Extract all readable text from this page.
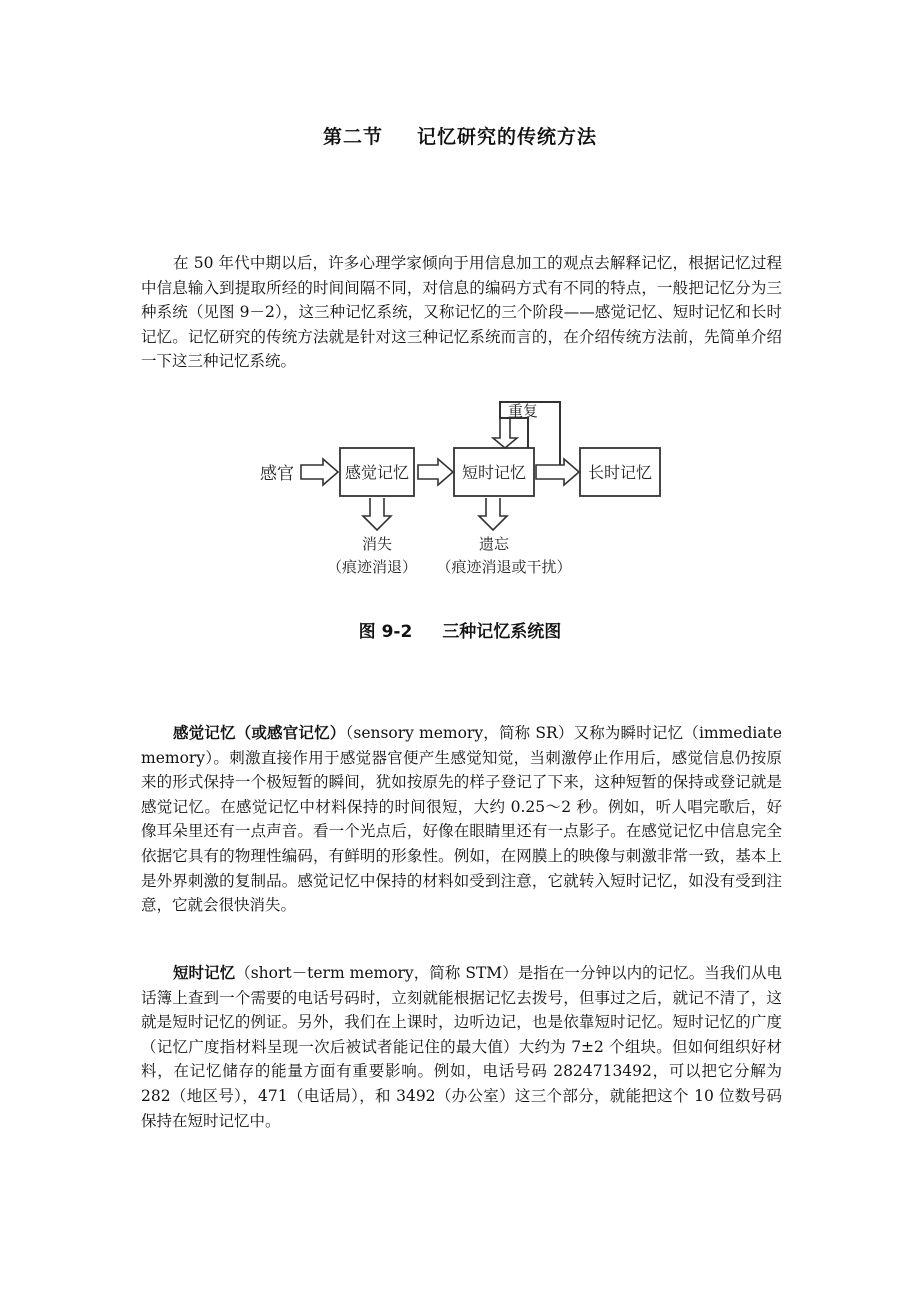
第二节 记忆研究的传统方法

在 50 年代中期以后，许多心理学家倾向于用信息加工的观点去解释记忆，根据记忆过程中信息输入到提取所经的时间间隔不同，对信息的编码方式有不同的特点，一般把记忆分为三种系统（见图 9－2），这三种记忆系统，又称记忆的三个阶段——感觉记忆、短时记忆和长时记忆。记忆研究的传统方法就是针对这三种记忆系统而言的，在介绍传统方法前，先简单介绍一下这三种记忆系统。

感官	感觉记忆	短时记忆	长时记忆
重复
消失
（痕迹消退）
遗忘
（痕迹消退或干扰）
图 9-2 三种记忆系统图

感觉记忆（或感官记忆）（sensory memory，简称 SR）又称为瞬时记忆（immediate memory）。刺激直接作用于感觉器官便产生感觉知觉，当刺激停止作用后，感觉信息仍按原来的形式保持一个极短暂的瞬间，犹如按原先的样子登记了下来，这种短暂的保持或登记就是感觉记忆。在感觉记忆中材料保持的时间很短，大约 0.25～2 秒。例如，听人唱完歌后，好像耳朵里还有一点声音。看一个光点后，好像在眼睛里还有一点影子。在感觉记忆中信息完全依据它具有的物理性编码，有鲜明的形象性。例如，在网膜上的映像与刺激非常一致，基本上是外界刺激的复制品。感觉记忆中保持的材料如受到注意，它就转入短时记忆，如没有受到注意，它就会很快消失。

短时记忆（short－term memory，简称 STM）是指在一分钟以内的记忆。当我们从电话簿上查到一个需要的电话号码时，立刻就能根据记忆去拨号，但事过之后，就记不清了，这就是短时记忆的例证。另外，我们在上课时，边听边记，也是依靠短时记忆。短时记忆的广度（记忆广度指材料呈现一次后被试者能记住的最大值）大约为 7±2 个组块。但如何组织好材料，在记忆储存的能量方面有重要影响。例如，电话号码 2824713492，可以把它分解为 282（地区号），471（电话局），和 3492（办公室）这三个部分，就能把这个 10 位数号码保持在短时记忆中。
